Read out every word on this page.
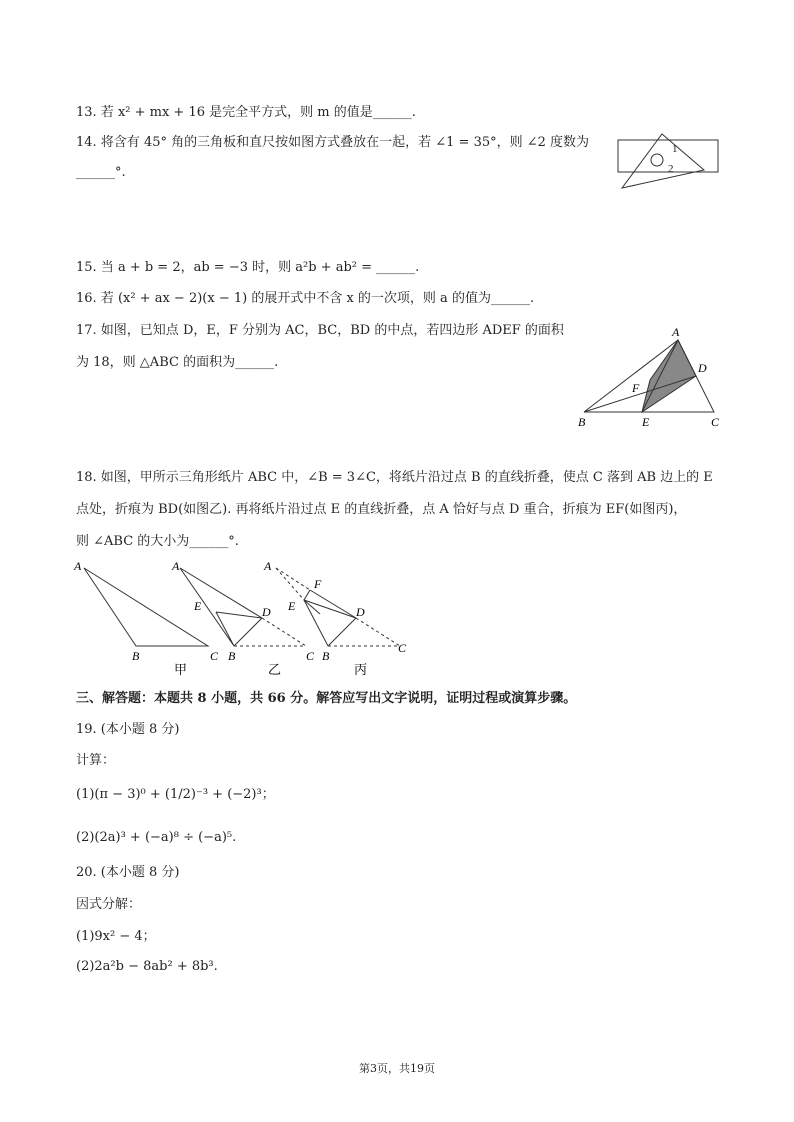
13. 若 x² + mx + 16 是完全平方式，则 m 的值是______.
14. 将含有 45° 角的三角板和直尺按如图方式叠放在一起，若 ∠1 = 35°，则 ∠2 度数为
______°.
1
2
15. 当 a + b = 2，ab = −3 时，则 a²b + ab² = ______.
16. 若 (x² + ax − 2)(x − 1) 的展开式中不含 x 的一次项，则 a 的值为______.
17. 如图，已知点 D，E，F 分别为 AC，BC，BD 的中点，若四边形 ADEF 的面积
为 18，则 △ABC 的面积为______.
A
B	C
D
E
F
18. 如图，甲所示三角形纸片 ABC 中，∠B = 3∠C，将纸片沿过点 B 的直线折叠，使点 C 落到 AB 边上的 E
点处，折痕为 BD(如图乙). 再将纸片沿过点 E 的直线折叠，点 A 恰好与点 D 重合，折痕为 EF(如图丙)，
则 ∠ABC 的大小为______°.
A
B	C
甲
A
E	D
B	C
乙
A
F
E	D
B
C
丙
三、解答题：本题共 8 小题，共 66 分。解答应写出文字说明，证明过程或演算步骤。
19. (本小题 8 分)
计算：
(1)(π − 3)⁰ + (1/2)⁻³ + (−2)³；
(2)(2a)³ + (−a)⁸ ÷ (−a)⁵.
20. (本小题 8 分)
因式分解：
(1)9x² − 4；
(2)2a²b − 8ab² + 8b³.
第3页，共19页
